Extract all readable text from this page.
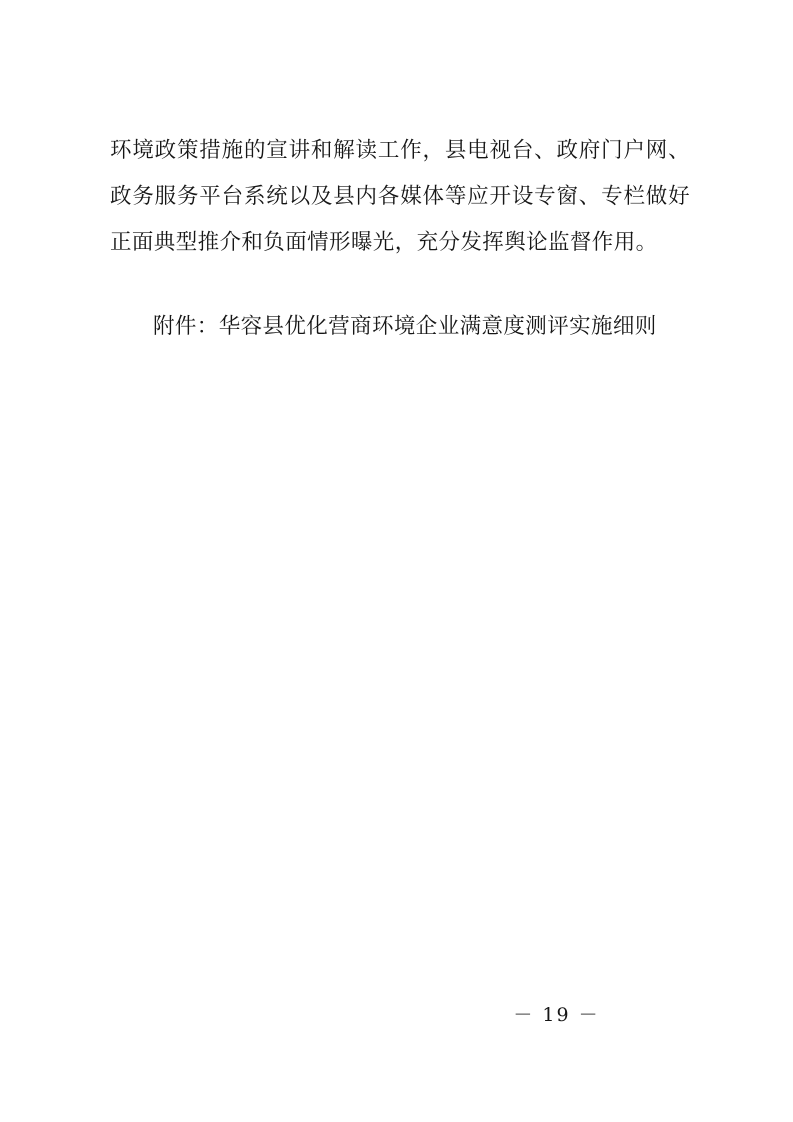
环境政策措施的宣讲和解读工作，县电视台、政府门户网、政务服务平台系统以及县内各媒体等应开设专窗、专栏做好正面典型推介和负面情形曝光，充分发挥舆论监督作用。

附件：华容县优化营商环境企业满意度测评实施细则

－ 19 －
